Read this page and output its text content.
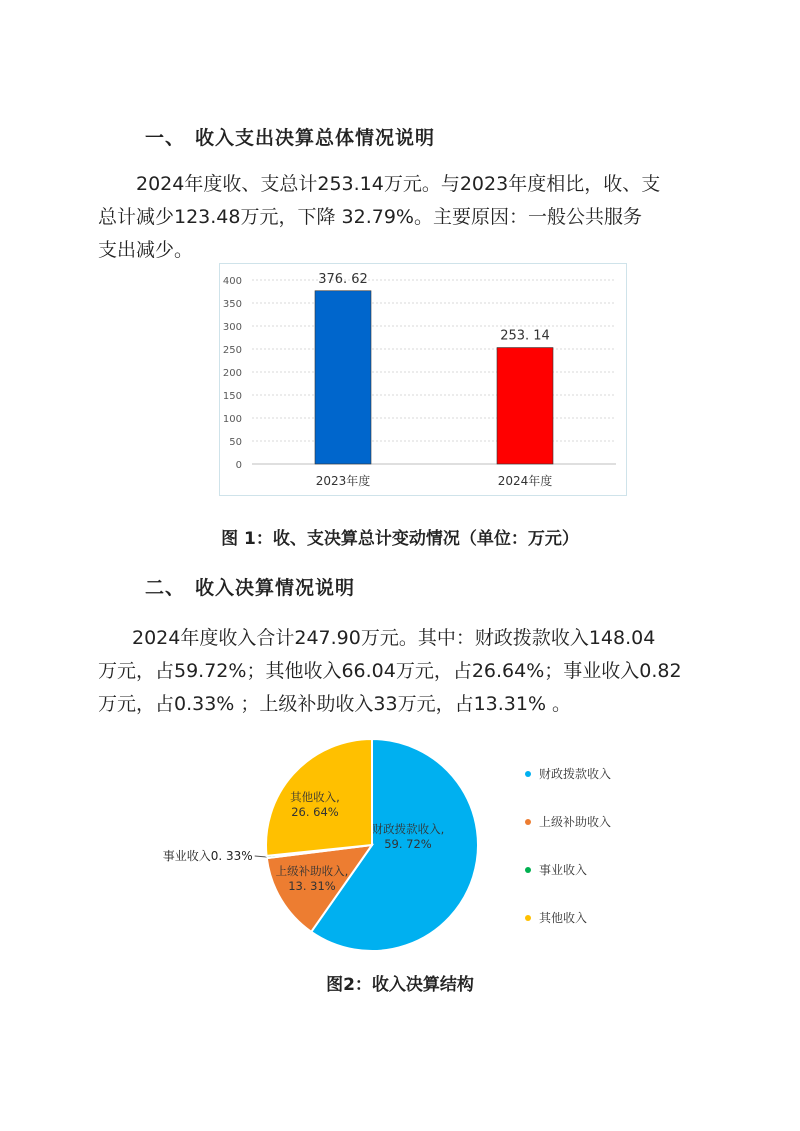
一、 收入支出决算总体情况说明
2024年度收、支总计253.14万元。与2023年度相比，收、支
总计减少123.48万元，下降 32.79%。主要原因：一般公共服务
支出减少。
0
50
100
150
200
250
300
350
400	376. 62
2023年度
253. 14
2024年度
图 1：收、支决算总计变动情况（单位：万元）
二、 收入决算情况说明
2024年度收入合计247.90万元。其中：财政拨款收入148.04
万元，占59.72%；其他收入66.04万元，占26.64%；事业收入0.82
万元，占0.33% ；上级补助收入33万元，占13.31% 。
财政拨款收入,
59. 72%
上级补助收入,
13. 31%
事业收入0. 33%
其他收入,
26. 64%
财政拨款收入
上级补助收入
事业收入
其他收入
图2：收入决算结构
